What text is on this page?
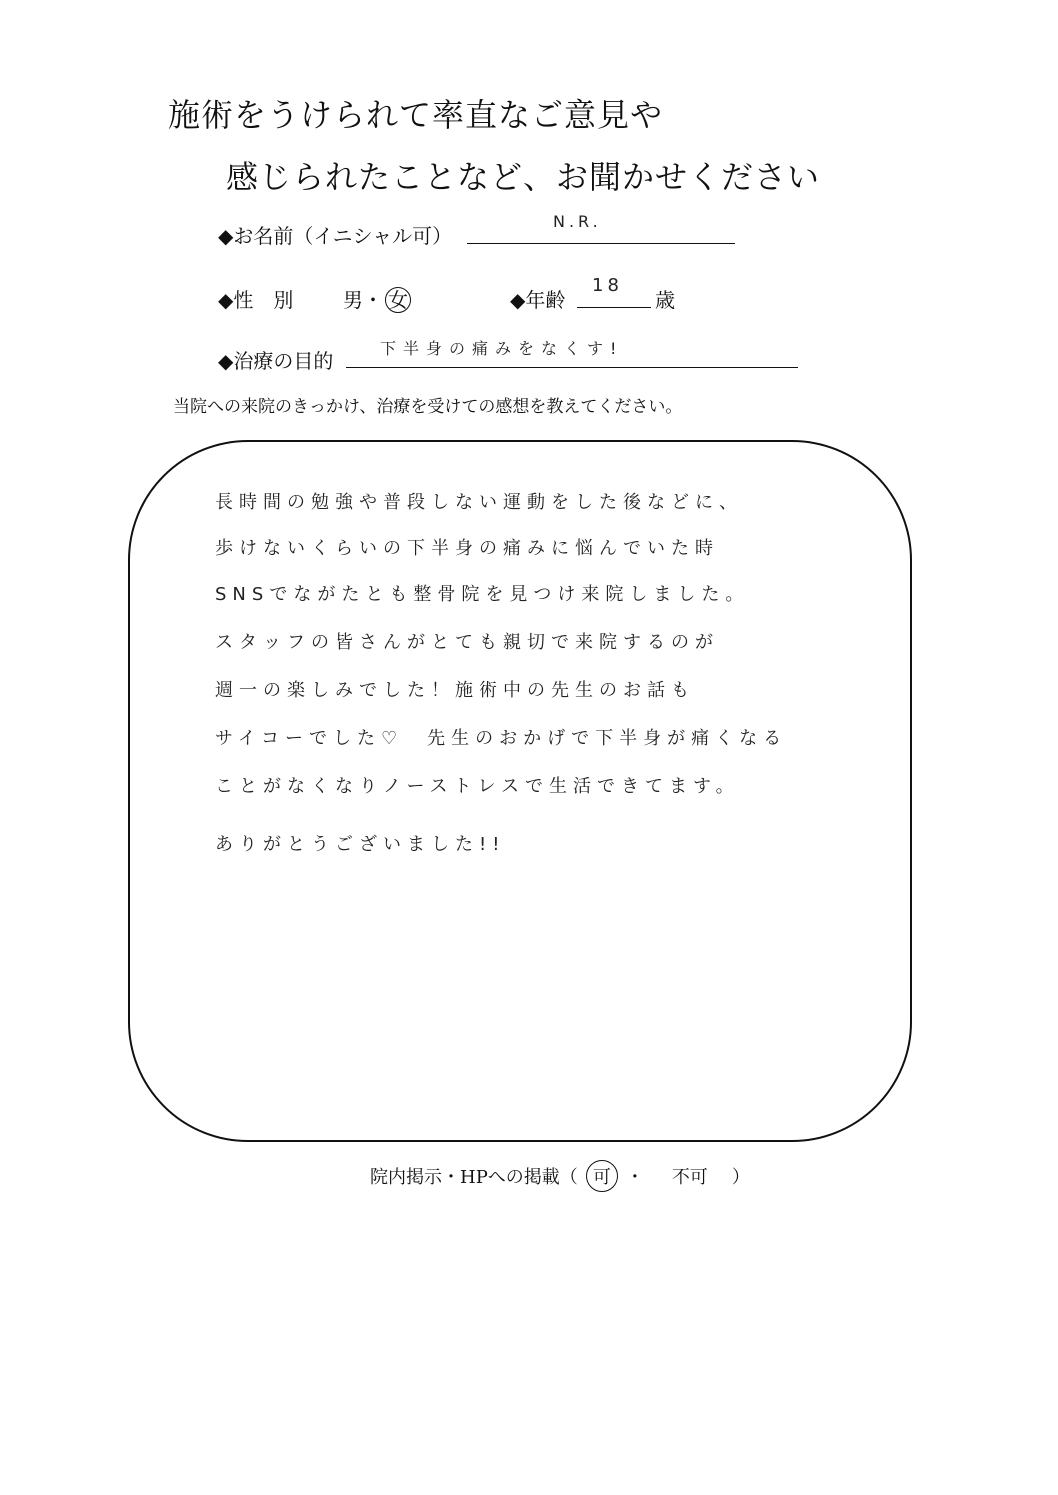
施術をうけられて率直なご意見や
感じられたことなど、お聞かせください
◆お名前（イニシャル可）
N.R.
◆性　別 男・ 女	◆年齢
18
歳
◆治療の目的
下半身の痛みをなくす!
当院への来院のきっかけ、治療を受けての感想を教えてください。
長時間の勉強や普段しない運動をした後などに、
歩けないくらいの下半身の痛みに悩んでいた時
SNSでながたとも整骨院を見つけ来院しました。
スタッフの皆さんがとても親切で来院するのが
週一の楽しみでした！施術中の先生のお話も
サイコーでした♡　先生のおかげで下半身が痛くなる
ことがなくなりノーストレスで生活できてます。
ありがとうございました!!
院内掲示・HPへの掲載（ 可 ・ 不可 ）
